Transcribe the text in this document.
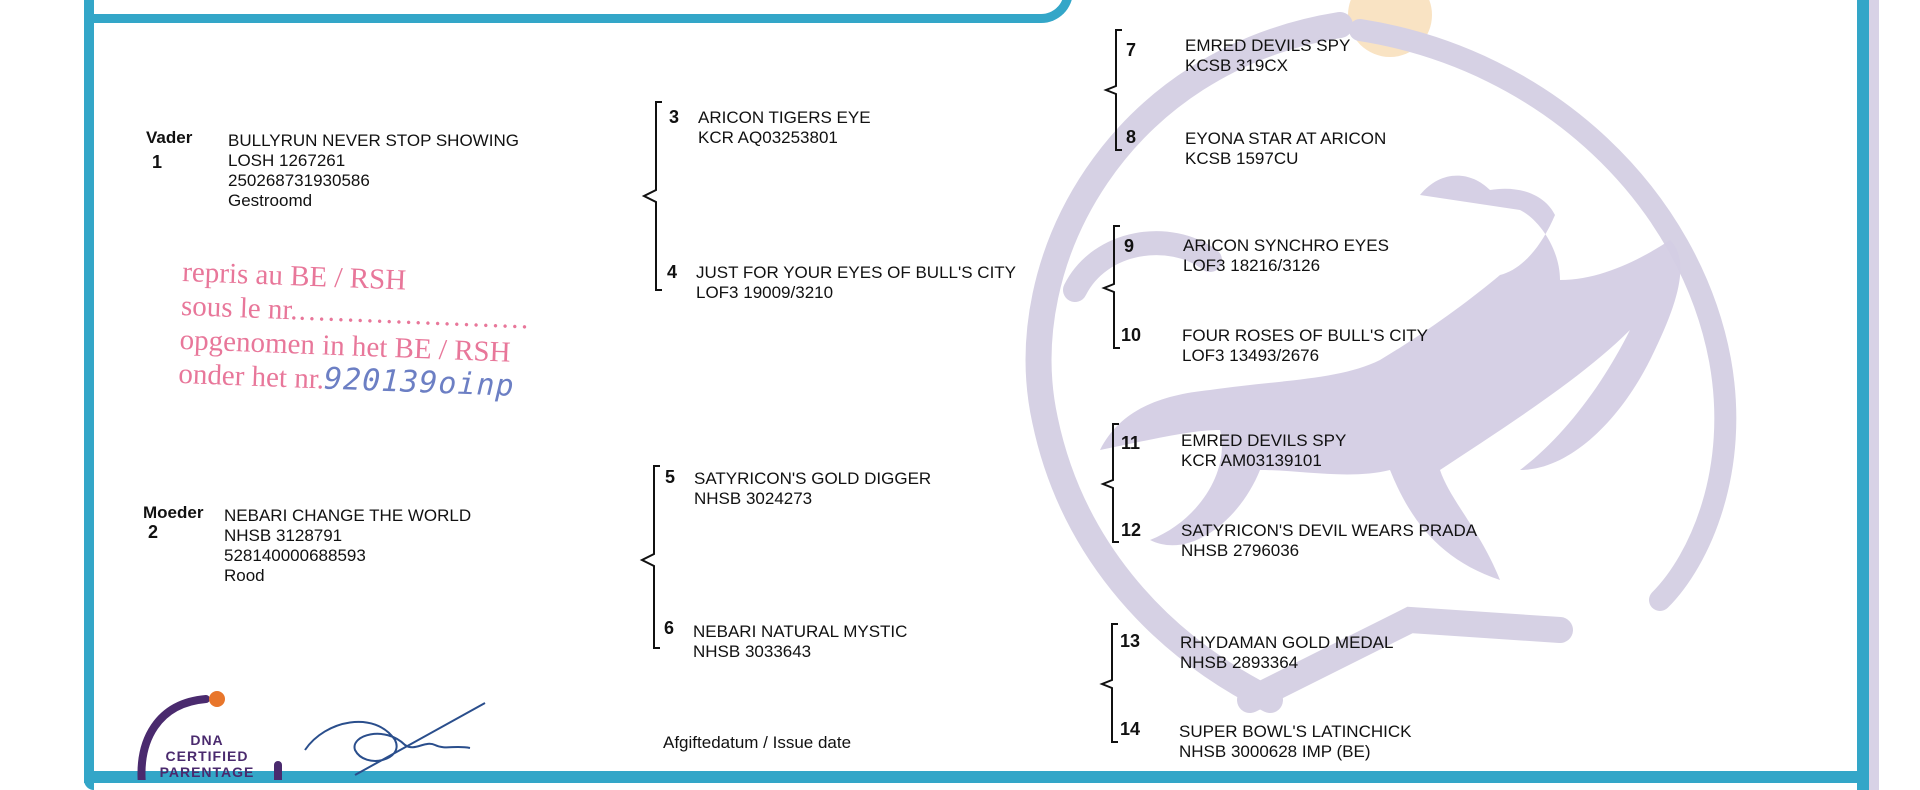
Vader
1
BULLYRUN NEVER STOP SHOWING
LOSH 1267261
250268731930586
Gestroomd
Moeder
2
NEBARI CHANGE THE WORLD
NHSB 3128791
528140000688593
Rood
repris au BE / RSH
sous le nr.……………………
opgenomen in het BE / RSH
onder het nr.920139oinp
3 ARICON TIGERS EYE
KCR AQ03253801
4 JUST FOR YOUR EYES OF BULL'S CITY
LOF3 19009/3210
5 SATYRICON'S GOLD DIGGER
NHSB 3024273
6 NEBARI NATURAL MYSTIC
NHSB 3033643
7	EMRED DEVILS SPY
KCSB 319CX
8	EYONA STAR AT ARICON
KCSB 1597CU
9	ARICON SYNCHRO EYES
LOF3 18216/3126
10 FOUR ROSES OF BULL'S CITY
LOF3 13493/2676
11 EMRED DEVILS SPY
KCR AM03139101
12 SATYRICON'S DEVIL WEARS PRADA
NHSB 2796036
13 RHYDAMAN GOLD MEDAL
NHSB 2893364
14 SUPER BOWL'S LATINCHICK
NHSB 3000628 IMP (BE)
Afgiftedatum / Issue date
DNA
CERTIFIED
PARENTAGE
